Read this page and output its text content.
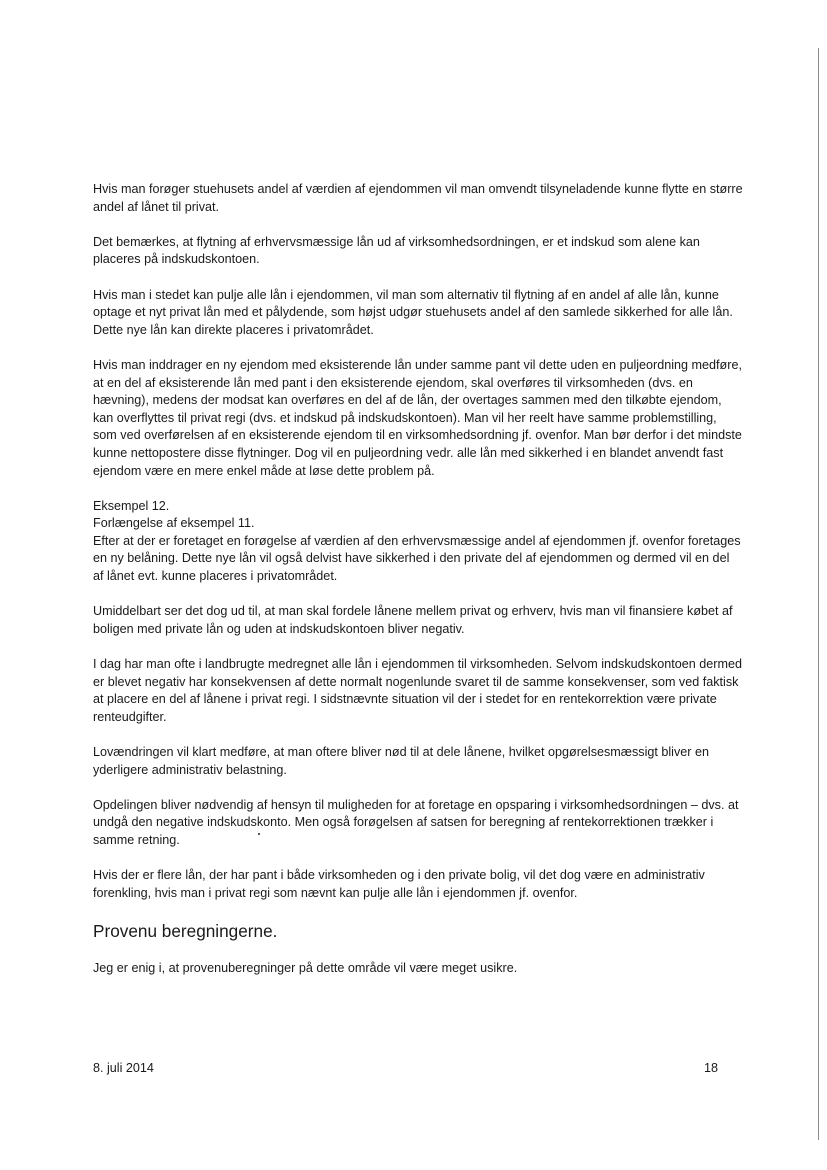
Hvis man forøger stuehusets andel af værdien af ejendommen vil man omvendt tilsyneladende kunne flytte en større andel af lånet til privat.

Det bemærkes, at flytning af erhvervsmæssige lån ud af virksomhedsordningen, er et indskud som alene kan placeres på indskudskontoen.

Hvis man i stedet kan pulje alle lån i ejendommen, vil man som alternativ til flytning af en andel af alle lån, kunne optage et nyt privat lån med et pålydende, som højst udgør stuehusets andel af den samlede sikkerhed for alle lån. Dette nye lån kan direkte placeres i privatområdet.

Hvis man inddrager en ny ejendom med eksisterende lån under samme pant vil dette uden en puljeordning medføre, at en del af eksisterende lån med pant i den eksisterende ejendom, skal overføres til virksomheden (dvs. en hævning), medens der modsat kan overføres en del af de lån, der overtages sammen med den tilkøbte ejendom, kan overflyttes til privat regi (dvs. et indskud på indskudskontoen). Man vil her reelt have samme problemstilling, som ved overførelsen af en eksisterende ejendom til en virksomhedsordning jf. ovenfor. Man bør derfor i det mindste kunne nettopostere disse flytninger. Dog vil en puljeordning vedr. alle lån med sikkerhed i en blandet anvendt fast ejendom være en mere enkel måde at løse dette problem på.

Eksempel 12.

Forlængelse af eksempel 11.

Efter at der er foretaget en forøgelse af værdien af den erhvervsmæssige andel af ejendommen jf. ovenfor foretages en ny belåning. Dette nye lån vil også delvist have sikkerhed i den private del af ejendommen og dermed vil en del af lånet evt. kunne placeres i privatområdet.

Umiddelbart ser det dog ud til, at man skal fordele lånene mellem privat og erhverv, hvis man vil finansiere købet af boligen med private lån og uden at indskudskontoen bliver negativ.

I dag har man ofte i landbrugte medregnet alle lån i ejendommen til virksomheden. Selvom indskudskontoen dermed er blevet negativ har konsekvensen af dette normalt nogenlunde svaret til de samme konsekvenser, som ved faktisk at placere en del af lånene i privat regi. I sidstnævnte situation vil der i stedet for en rentekorrektion være private renteudgifter.

Lovændringen vil klart medføre, at man oftere bliver nød til at dele lånene, hvilket opgørelsesmæssigt bliver en yderligere administrativ belastning.

Opdelingen bliver nødvendig af hensyn til muligheden for at foretage en opsparing i virksomhedsordningen – dvs. at undgå den negative indskudskonto. Men også forøgelsen af satsen for beregning af rentekorrektionen trækker i samme retning.

Hvis der er flere lån, der har pant i både virksomheden og i den private bolig, vil det dog være en administrativ forenkling, hvis man i privat regi som nævnt kan pulje alle lån i ejendommen jf. ovenfor.

Provenu beregningerne.

Jeg er enig i, at provenuberegninger på dette område vil være meget usikre.

8. juli 2014	18
